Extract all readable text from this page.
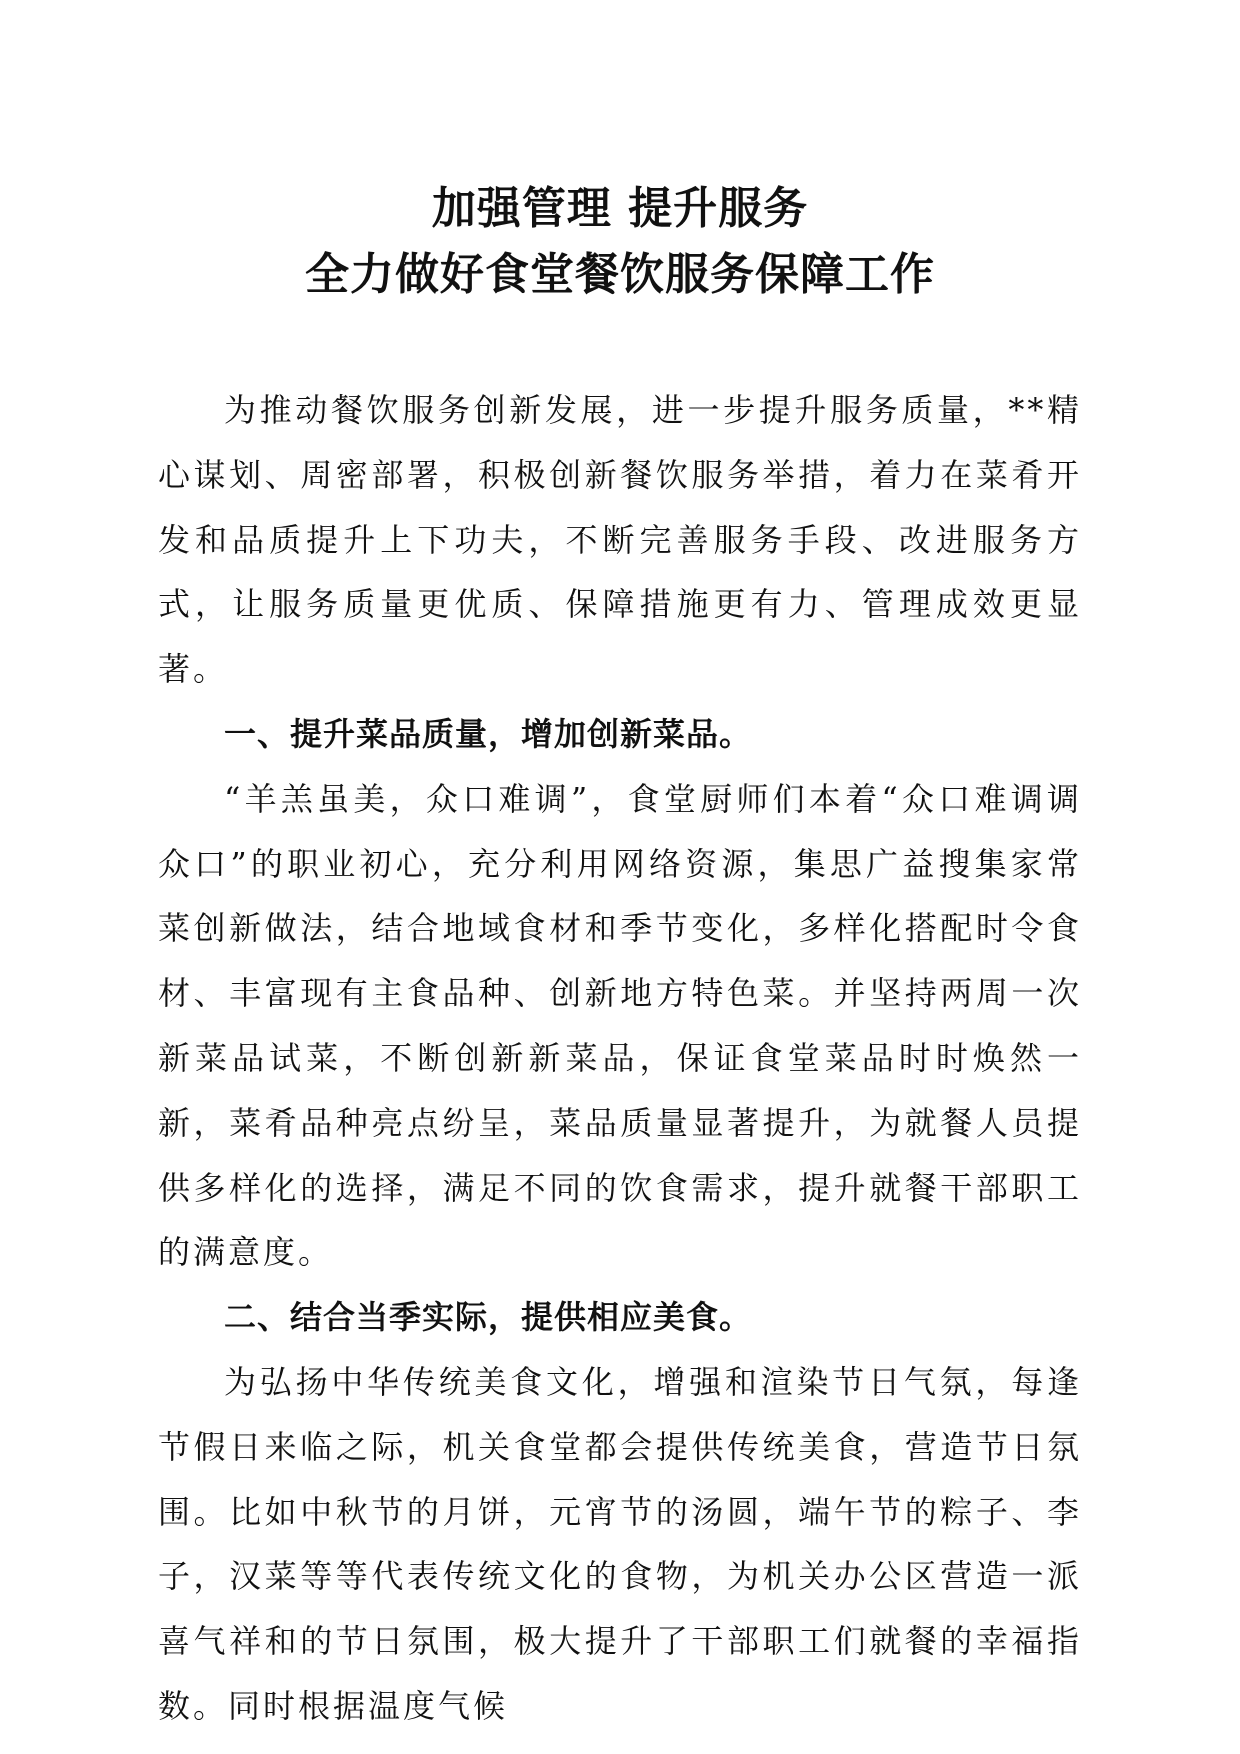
加强管理 提升服务
全力做好食堂餐饮服务保障工作

为推动餐饮服务创新发展，进一步提升服务质量，**精心谋划、周密部署，积极创新餐饮服务举措，着力在菜肴开发和品质提升上下功夫，不断完善服务手段、改进服务方式，让服务质量更优质、保障措施更有力、管理成效更显著。

一、提升菜品质量，增加创新菜品。

“羊羔虽美，众口难调”，食堂厨师们本着“众口难调调众口”的职业初心，充分利用网络资源，集思广益搜集家常菜创新做法，结合地域食材和季节变化，多样化搭配时令食材、丰富现有主食品种、创新地方特色菜。并坚持两周一次新菜品试菜，不断创新新菜品，保证食堂菜品时时焕然一新，菜肴品种亮点纷呈，菜品质量显著提升，为就餐人员提供多样化的选择，满足不同的饮食需求，提升就餐干部职工的满意度。

二、结合当季实际，提供相应美食。

为弘扬中华传统美食文化，增强和渲染节日气氛，每逢节假日来临之际，机关食堂都会提供传统美食，营造节日氛围。比如中秋节的月饼，元宵节的汤圆，端午节的粽子、李子，汉菜等等代表传统文化的食物，为机关办公区营造一派喜气祥和的节日氛围，极大提升了干部职工们就餐的幸福指数。同时根据温度气候
